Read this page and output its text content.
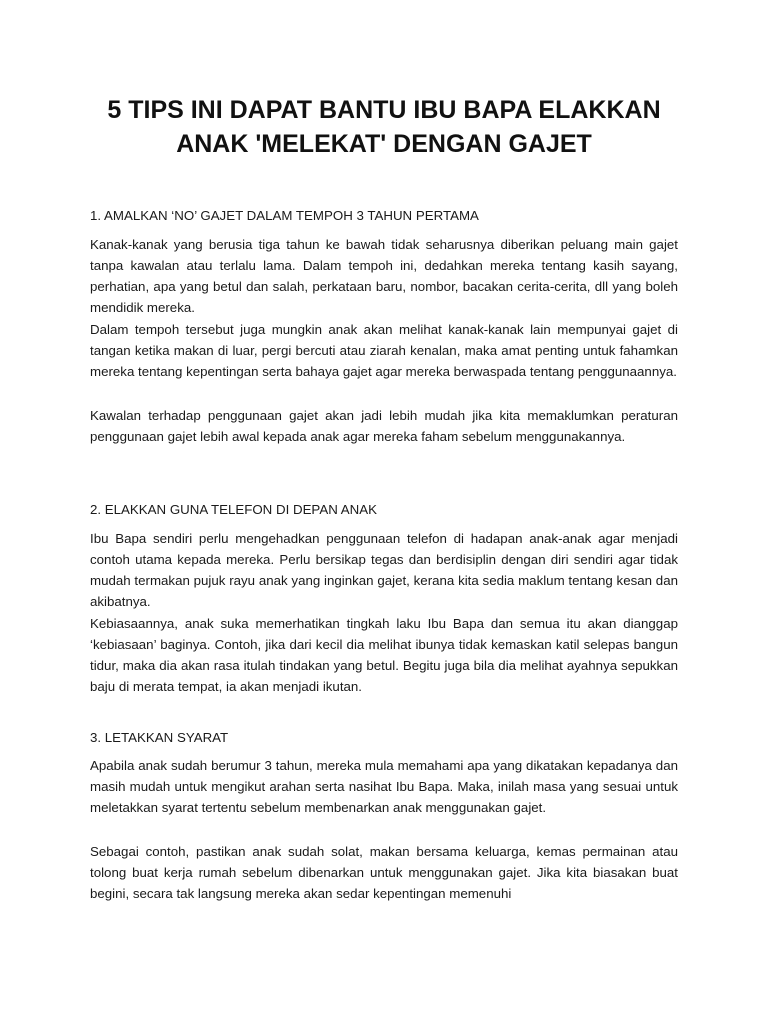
5 TIPS INI DAPAT BANTU IBU BAPA ELAKKAN
ANAK 'MELEKAT' DENGAN GAJET
1. AMALKAN ‘NO’ GAJET DALAM TEMPOH 3 TAHUN PERTAMA

Kanak-kanak yang berusia tiga tahun ke bawah tidak seharusnya diberikan peluang main gajet tanpa kawalan atau terlalu lama. Dalam tempoh ini, dedahkan mereka tentang kasih sayang, perhatian, apa yang betul dan salah, perkataan baru, nombor, bacakan cerita-cerita, dll yang boleh mendidik mereka.

Dalam tempoh tersebut juga mungkin anak akan melihat kanak-kanak lain mempunyai gajet di tangan ketika makan di luar, pergi bercuti atau ziarah kenalan, maka amat penting untuk fahamkan mereka tentang kepentingan serta bahaya gajet agar mereka berwaspada tentang penggunaannya.

Kawalan terhadap penggunaan gajet akan jadi lebih mudah jika kita memaklumkan peraturan penggunaan gajet lebih awal kepada anak agar mereka faham sebelum menggunakannya.

2. ELAKKAN GUNA TELEFON DI DEPAN ANAK

Ibu Bapa sendiri perlu mengehadkan penggunaan telefon di hadapan anak-anak agar menjadi contoh utama kepada mereka. Perlu bersikap tegas dan berdisiplin dengan diri sendiri agar tidak mudah termakan pujuk rayu anak yang inginkan gajet, kerana kita sedia maklum tentang kesan dan akibatnya.

Kebiasaannya, anak suka memerhatikan tingkah laku Ibu Bapa dan semua itu akan dianggap ‘kebiasaan’ baginya. Contoh, jika dari kecil dia melihat ibunya tidak kemaskan katil selepas bangun tidur, maka dia akan rasa itulah tindakan yang betul. Begitu juga bila dia melihat ayahnya sepukkan baju di merata tempat, ia akan menjadi ikutan.

3. LETAKKAN SYARAT

Apabila anak sudah berumur 3 tahun, mereka mula memahami apa yang dikatakan kepadanya dan masih mudah untuk mengikut arahan serta nasihat Ibu Bapa. Maka, inilah masa yang sesuai untuk meletakkan syarat tertentu sebelum membenarkan anak menggunakan gajet.

Sebagai contoh, pastikan anak sudah solat, makan bersama keluarga, kemas permainan atau tolong buat kerja rumah sebelum dibenarkan untuk menggunakan gajet. Jika kita biasakan buat begini, secara tak langsung mereka akan sedar kepentingan memenuhi
